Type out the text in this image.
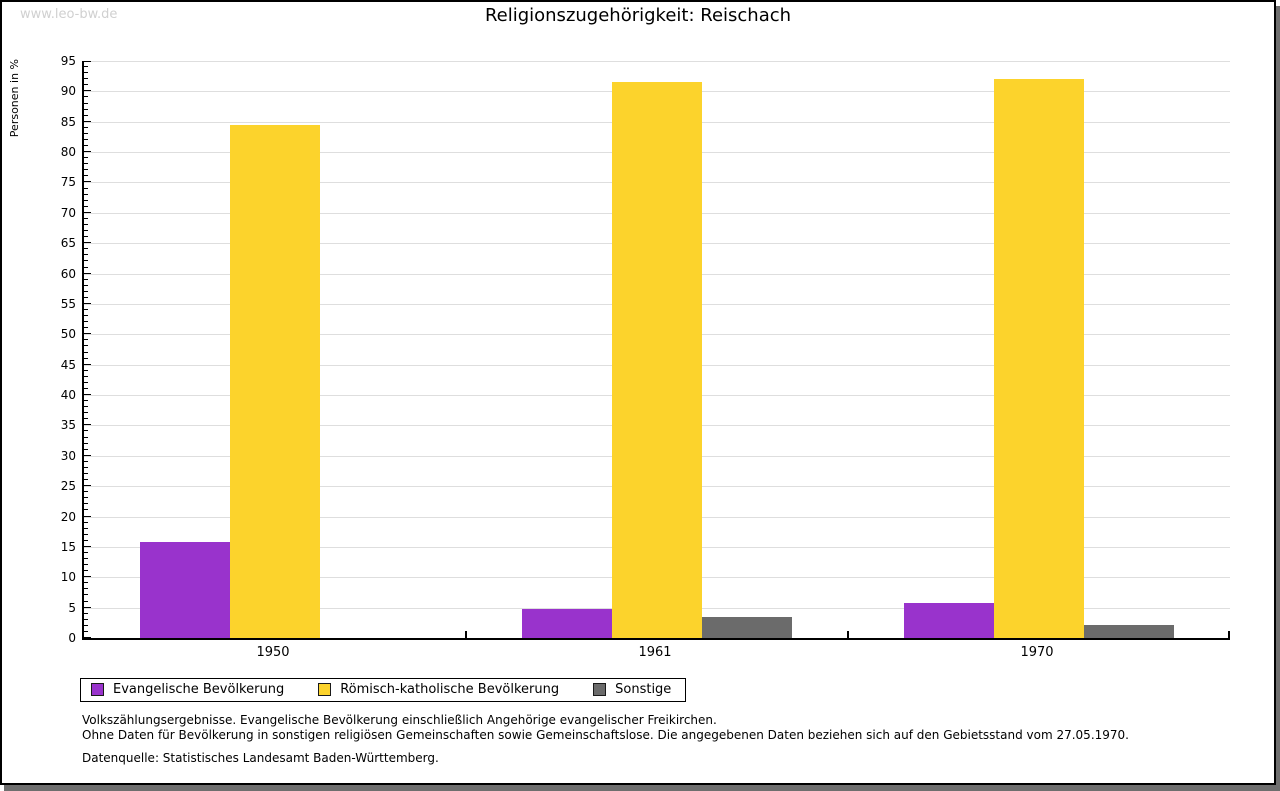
www.leo-bw.de	Religionszugehörigkeit: Reischach
Personen in %
0
5
10
15
20
25
30
35
40
45
50
55
60
65
70
75
80
85
90
95
1950	1961	1970
Evangelische Bevölkerung	Römisch-katholische Bevölkerung	Sonstige
Volkszählungsergebnisse. Evangelische Bevölkerung einschließlich Angehörige evangelischer Freikirchen.
Ohne Daten für Bevölkerung in sonstigen religiösen Gemeinschaften sowie Gemeinschaftslose. Die angegebenen Daten beziehen sich auf den Gebietsstand vom 27.05.1970.
Datenquelle: Statistisches Landesamt Baden-Württemberg.
